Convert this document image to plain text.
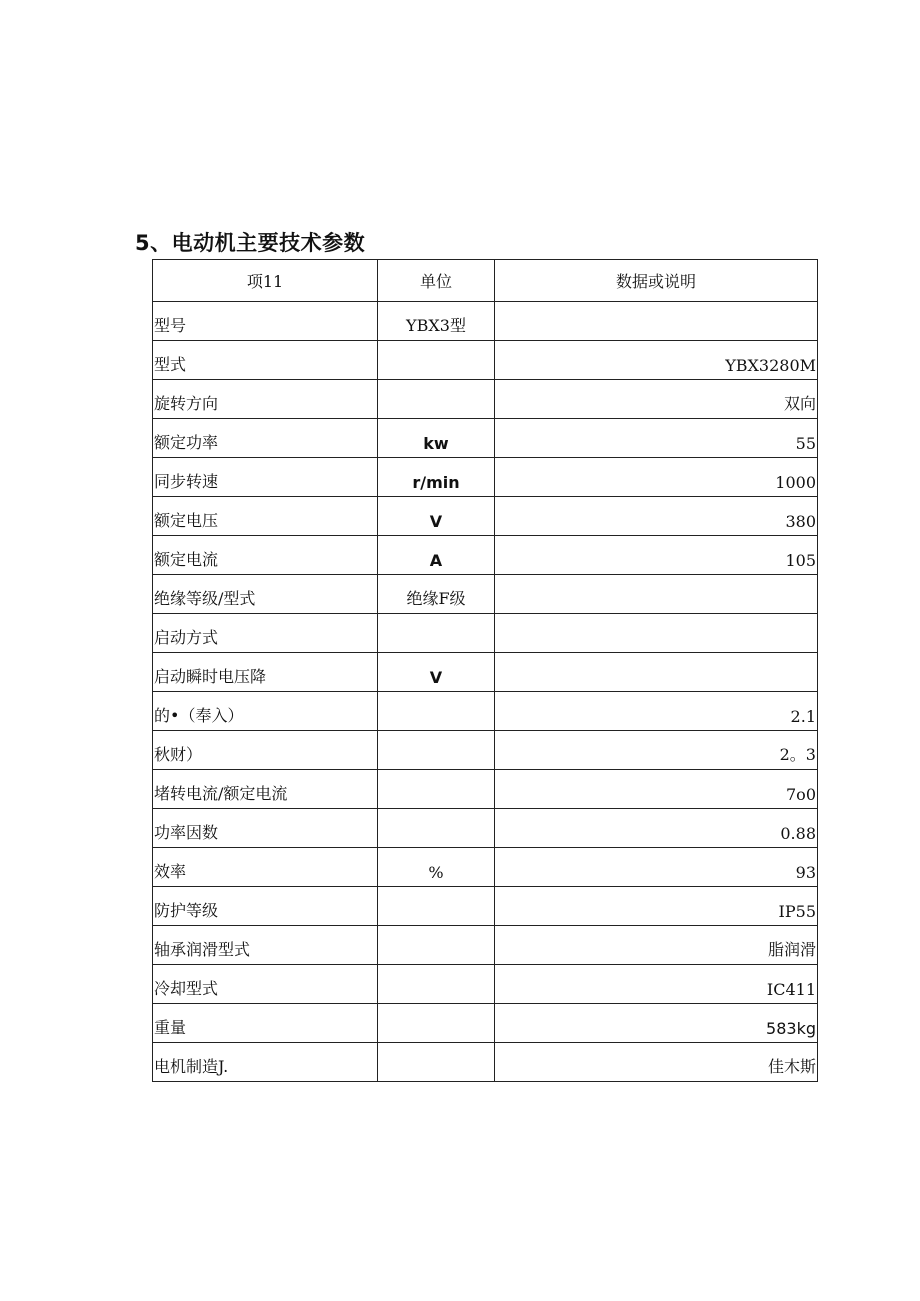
5、电动机主要技术参数
项11	单位	数据或说明
型号	YBX3型	
型式		YBX3280M
旋转方向		双向
额定功率	kw	55
同步转速	r/min	1000
额定电压	V	380
额定电流	A	105
绝缘等级/型式	绝缘F级	
启动方式		
启动瞬时电压降	V	
的•（奉入）		2.1
秋财）		2。3
堵转电流/额定电流		7o0
功率因数		0.88
效率	%	93
防护等级		IP55
轴承润滑型式		脂润滑
冷却型式		IC411
重量		583kg
电机制造J.		佳木斯
